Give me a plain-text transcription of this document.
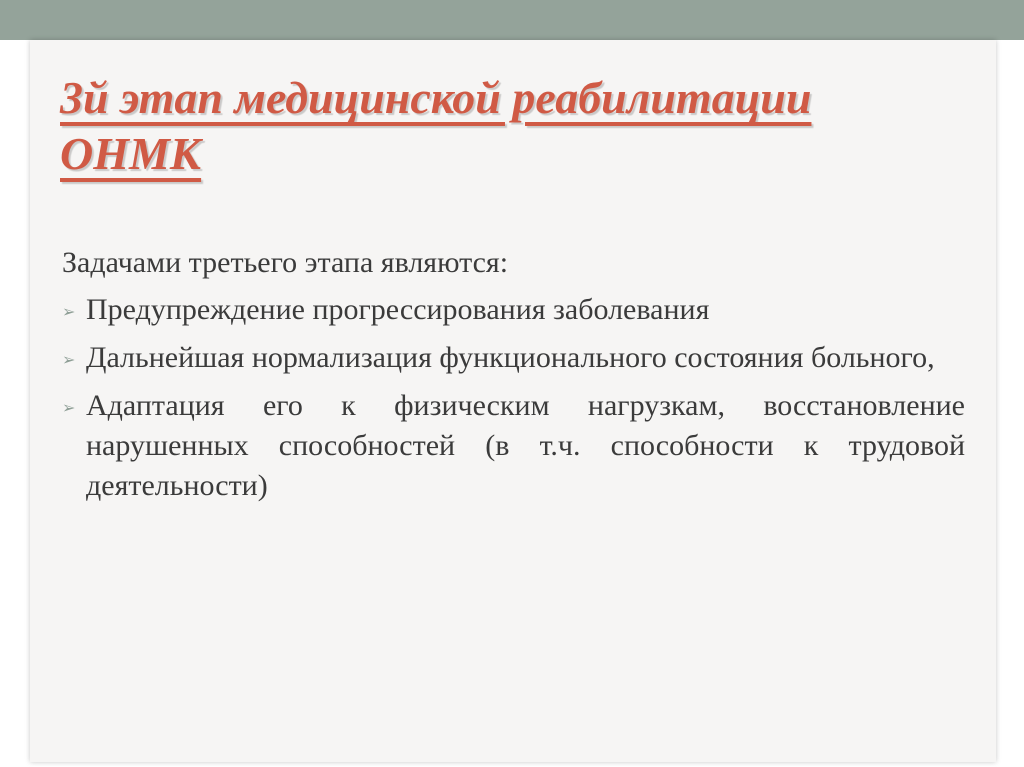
3й этап медицинской реабилитации ОНМК

Задачами третьего этапа являются:

➢ Предупреждение прогрессирования заболевания
➢ Дальнейшая нормализация функционального состояния больного,
➢ Адаптация его к физическим нагрузкам, восстановление нарушенных способностей (в т.ч. способности к трудовой деятельности)
